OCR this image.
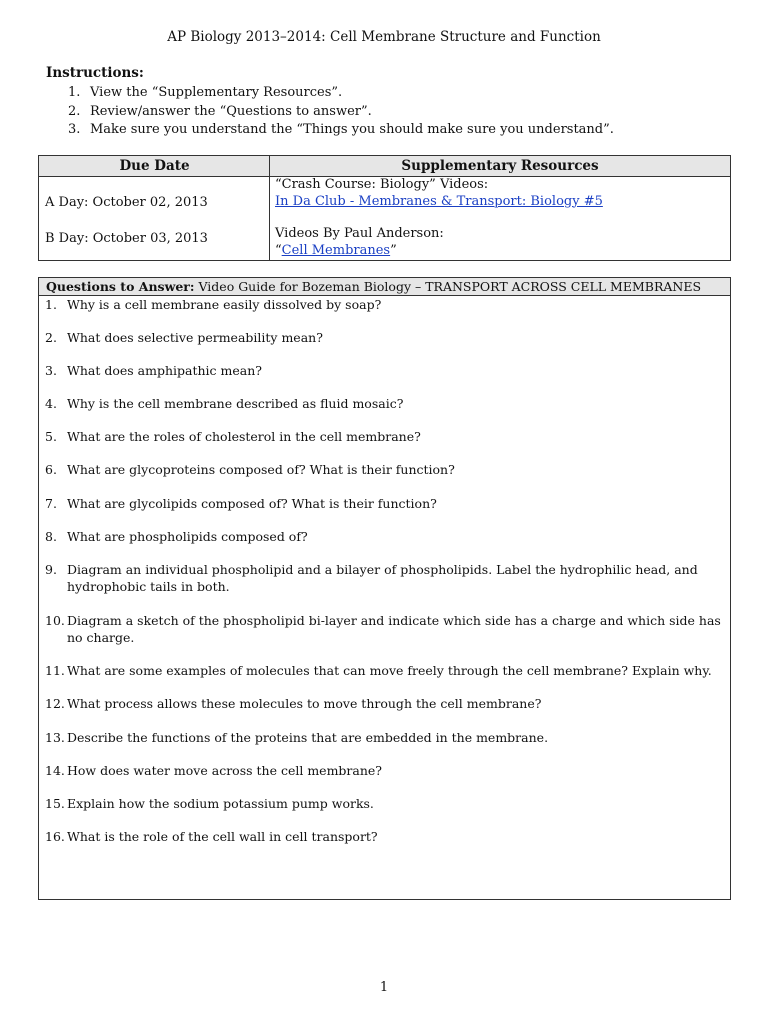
AP Biology 2013–2014: Cell Membrane Structure and Function
Instructions:
1. View the “Supplementary Resources”.
2. Review/answer the “Questions to answer”.
3. Make sure you understand the “Things you should make sure you understand”.
Due Date	Supplementary Resources
A Day: October 02, 2013
B Day: October 03, 2013
“Crash Course: Biology” Videos:
In Da Club - Membranes & Transport: Biology #5
Videos By Paul Anderson:
“Cell Membranes”
Questions to Answer: Video Guide for Bozeman Biology – TRANSPORT ACROSS CELL MEMBRANES
1. Why is a cell membrane easily dissolved by soap?
2. What does selective permeability mean?
3. What does amphipathic mean?
4. Why is the cell membrane described as fluid mosaic?
5. What are the roles of cholesterol in the cell membrane?
6. What are glycoproteins composed of? What is their function?
7. What are glycolipids composed of? What is their function?
8. What are phospholipids composed of?
9. Diagram an individual phospholipid and a bilayer of phospholipids. Label the hydrophilic head, and hydrophobic tails in both.
10. Diagram a sketch of the phospholipid bi-layer and indicate which side has a charge and which side has no charge.
11. What are some examples of molecules that can move freely through the cell membrane? Explain why.
12. What process allows these molecules to move through the cell membrane?
13. Describe the functions of the proteins that are embedded in the membrane.
14. How does water move across the cell membrane?
15. Explain how the sodium potassium pump works.
16. What is the role of the cell wall in cell transport?
1
